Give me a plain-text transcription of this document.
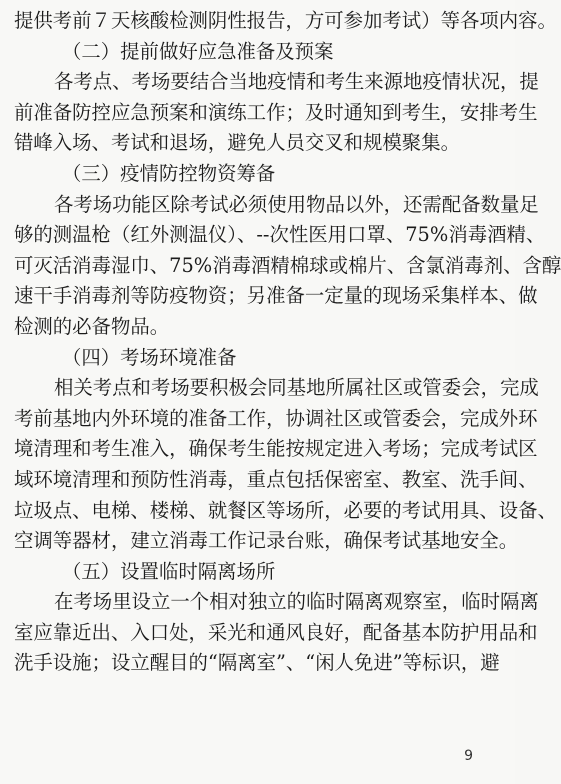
提供考前７天核酸检测阴性报告，方可参加考试）等各项内容。
（二）提前做好应急准备及预案
各考点、考场要结合当地疫情和考生来源地疫情状况，提
前准备防控应急预案和演练工作；及时通知到考生，安排考生
错峰入场、考试和退场，避免人员交叉和规模聚集。
（三）疫情防控物资筹备
各考场功能区除考试必须使用物品以外，还需配备数量足
够的测温枪（红外测温仪）、--次性医用口罩、75%消毒酒精、
可灭活消毒湿巾、75%消毒酒精棉球或棉片、含氯消毒剂、含醇
速干手消毒剂等防疫物资；另准备一定量的现场采集样本、做
检测的必备物品。
（四）考场环境准备
相关考点和考场要积极会同基地所属社区或管委会，完成
考前基地内外环境的准备工作，协调社区或管委会，完成外环
境清理和考生准入，确保考生能按规定进入考场；完成考试区
域环境清理和预防性消毒，重点包括保密室、教室、洗手间、
垃圾点、电梯、楼梯、就餐区等场所，必要的考试用具、设备、
空调等器材，建立消毒工作记录台账，确保考试基地安全。
（五）设置临时隔离场所
在考场里设立一个相对独立的临时隔离观察室，临时隔离
室应靠近出、入口处，采光和通风良好，配备基本防护用品和
洗手设施；设立醒目的“隔离室”、“闲人免进”等标识，避
9
